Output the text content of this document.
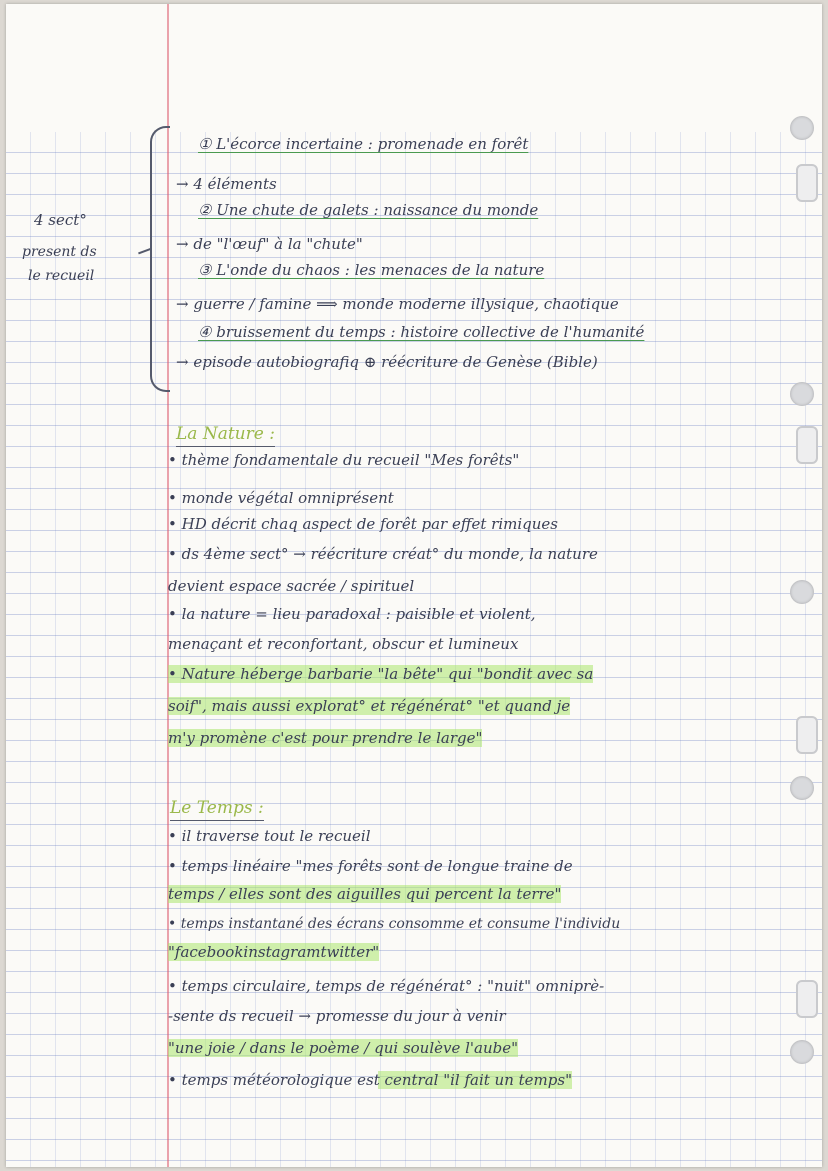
4 sect°

present ds

le recueil

① L'écorce incertaine : promenade en forêt

→ 4 éléments

② Une chute de galets : naissance du monde

→ de "l'œuf" à la "chute"

③ L'onde du chaos : les menaces de la nature

→ guerre / famine ⟹ monde moderne illysique, chaotique

④ bruissement du temps : histoire collective de l'humanité

→ episode autobiografiq ⊕ réécriture de Genèse (Bible)

La Nature :

• thème fondamentale du recueil "Mes forêts"

• monde végétal omniprésent

• HD décrit chaq aspect de forêt par effet rimiques

• ds 4ème sect° → réécriture créat° du monde, la nature

devient espace sacrée / spirituel

• la nature = lieu paradoxal : paisible et violent,

menaçant et reconfortant, obscur et lumineux

• Nature héberge barbarie "la bête" qui "bondit avec sa

soif", mais aussi explorat° et régénérat° "et quand je

m'y promène c'est pour prendre le large"

Le Temps :

• il traverse tout le recueil

• temps linéaire "mes forêts sont de longue traine de

temps / elles sont des aiguilles qui percent la terre"

• temps instantané des écrans consomme et consume l'individu

"facebookinstagramtwitter"

• temps circulaire, temps de régénérat° : "nuit" omniprè-

-sente ds recueil → promesse du jour à venir

"une joie / dans le poème / qui soulève l'aube"

• temps météorologique est central "il fait un temps"
